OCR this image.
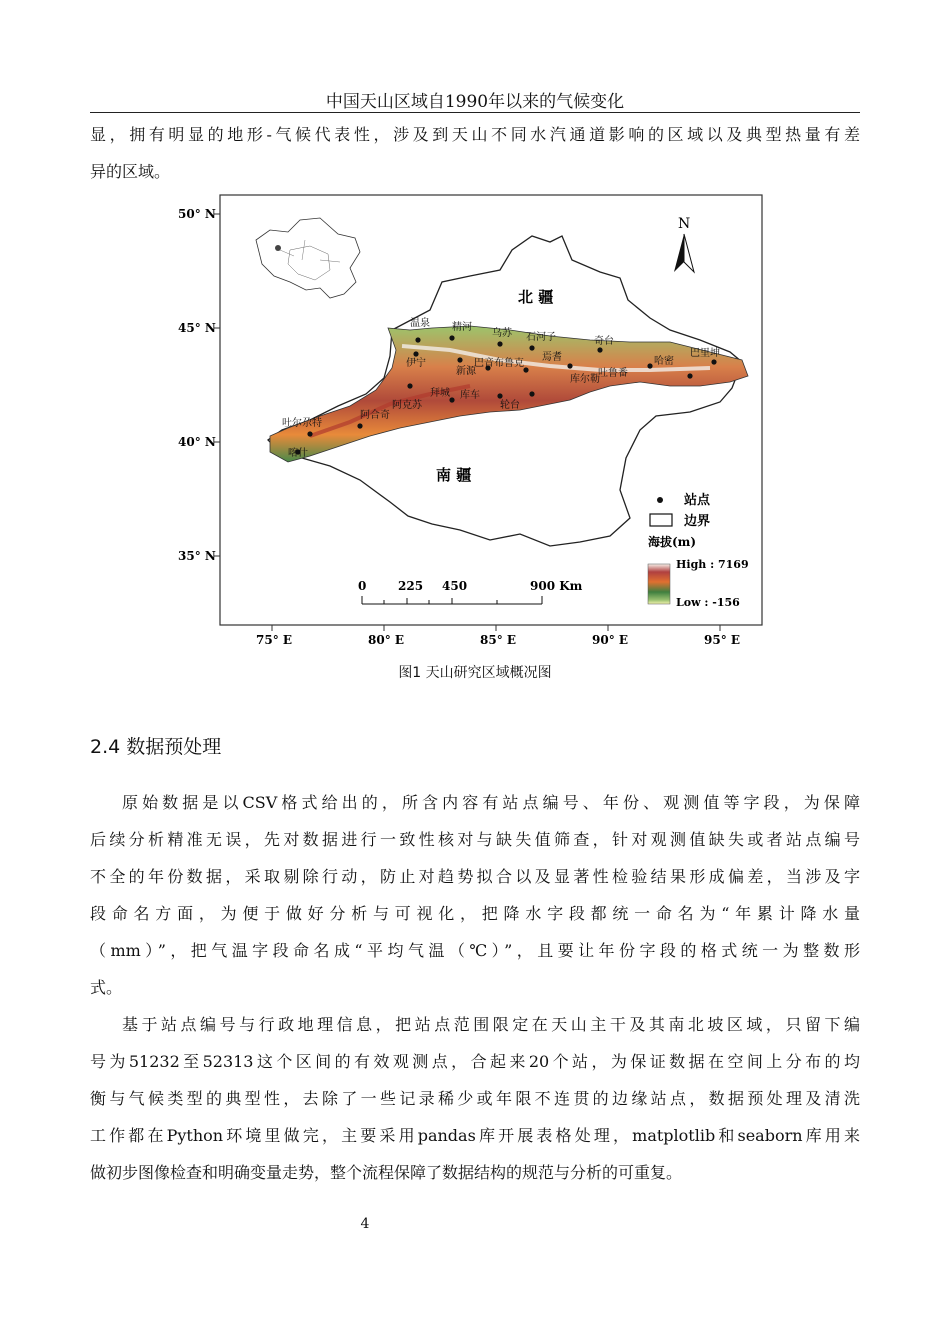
中国天山区域自1990年以来的气候变化
显，拥有明显的地形-气候代表性，涉及到天山不同水汽通道影响的区域以及典型热量有差
异的区域。
50° N
45° N
40° N
35° N
75° E	80° E	85° E	90° E	95° E
温泉 精河
乌苏 石河子	奇台
伊宁
新源
巴音布鲁克
库尔勒
阿克苏
吐尔尕特
喀什
轮台
库车
哈密
巴里坤
吐鲁番
焉耆
拜城
阿合奇
北 疆
南 疆
N
站点
边界
海拔(m)
High : 7169
Low : -156
0	225 450	900 Km
图1 天山研究区域概况图
2.4 数据预处理
原始数据是以CSV格式给出的，所含内容有站点编号、年份、观测值等字段，为保障
后续分析精准无误，先对数据进行一致性核对与缺失值筛查，针对观测值缺失或者站点编号
不全的年份数据，采取剔除行动，防止对趋势拟合以及显著性检验结果形成偏差，当涉及字
段命名方面，为便于做好分析与可视化，把降水字段都统一命名为“年累计降水量
（mm）”，把气温字段命名成“平均气温（℃）”，且要让年份字段的格式统一为整数形
式。
基于站点编号与行政地理信息，把站点范围限定在天山主干及其南北坡区域，只留下编
号为51232至52313这个区间的有效观测点，合起来20个站，为保证数据在空间上分布的均
衡与气候类型的典型性，去除了一些记录稀少或年限不连贯的边缘站点，数据预处理及清洗
工作都在Python环境里做完，主要采用pandas库开展表格处理，matplotlib和seaborn库用来
做初步图像检查和明确变量走势，整个流程保障了数据结构的规范与分析的可重复。
4
